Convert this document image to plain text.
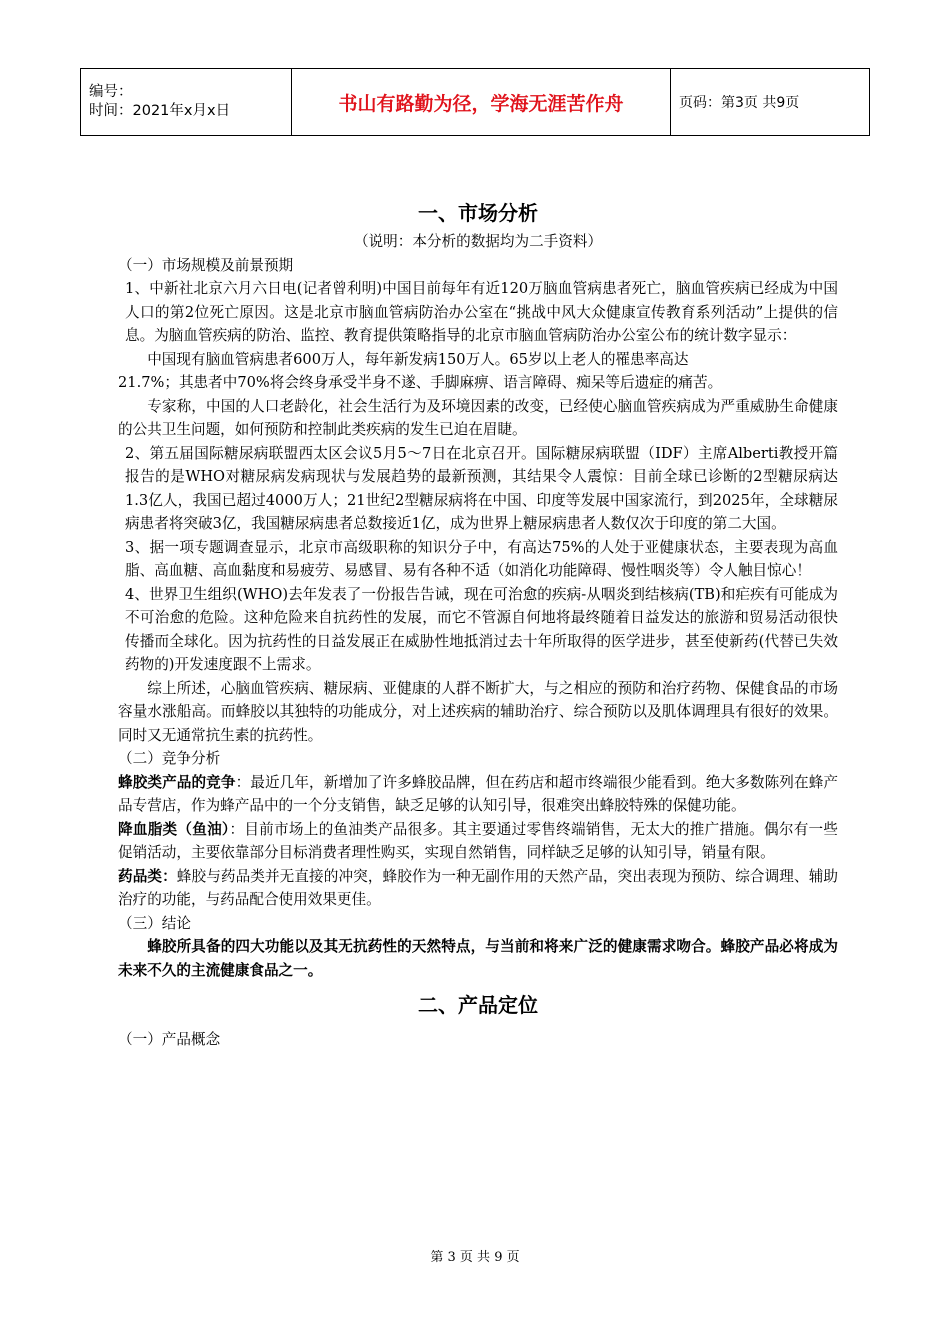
编号：
时间：2021年x月x日	书山有路勤为径，学海无涯苦作舟	页码：第3页 共9页

一、市场分析

（说明：本分析的数据均为二手资料）

（一）市场规模及前景预期

1、中新社北京六月六日电(记者曾利明)中国目前每年有近120万脑血管病患者死亡，脑血管疾病已经成为中国人口的第2位死亡原因。这是北京市脑血管病防治办公室在“挑战中风大众健康宣传教育系列活动”上提供的信息。为脑血管疾病的防治、监控、教育提供策略指导的北京市脑血管病防治办公室公布的统计数字显示：

中国现有脑血管病患者600万人，每年新发病150万人。65岁以上老人的罹患率高达

21.7%；其患者中70%将会终身承受半身不遂、手脚麻痹、语言障碍、痴呆等后遗症的痛苦。

专家称，中国的人口老龄化，社会生活行为及环境因素的改变，已经使心脑血管疾病成为严重威胁生命健康的公共卫生问题，如何预防和控制此类疾病的发生已迫在眉睫。

2、第五届国际糖尿病联盟西太区会议5月5～7日在北京召开。国际糖尿病联盟（IDF）主席Alberti教授开篇报告的是WHO对糖尿病发病现状与发展趋势的最新预测，其结果令人震惊：目前全球已诊断的2型糖尿病达1.3亿人，我国已超过4000万人；21世纪2型糖尿病将在中国、印度等发展中国家流行，到2025年，全球糖尿病患者将突破3亿，我国糖尿病患者总数接近1亿，成为世界上糖尿病患者人数仅次于印度的第二大国。

3、据一项专题调查显示，北京市高级职称的知识分子中，有高达75%的人处于亚健康状态，主要表现为高血脂、高血糖、高血黏度和易疲劳、易感冒、易有各种不适（如消化功能障碍、慢性咽炎等）令人触目惊心！

4、世界卫生组织(WHO)去年发表了一份报告告诫，现在可治愈的疾病-从咽炎到结核病(TB)和疟疾有可能成为不可治愈的危险。这种危险来自抗药性的发展，而它不管源自何地将最终随着日益发达的旅游和贸易活动很快传播而全球化。因为抗药性的日益发展正在威胁性地抵消过去十年所取得的医学进步，甚至使新药(代替已失效药物的)开发速度跟不上需求。

综上所述，心脑血管疾病、糖尿病、亚健康的人群不断扩大，与之相应的预防和治疗药物、保健食品的市场容量水涨船高。而蜂胶以其独特的功能成分，对上述疾病的辅助治疗、综合预防以及肌体调理具有很好的效果。同时又无通常抗生素的抗药性。

（二）竞争分析

蜂胶类产品的竞争：最近几年，新增加了许多蜂胶品牌，但在药店和超市终端很少能看到。绝大多数陈列在蜂产品专营店，作为蜂产品中的一个分支销售，缺乏足够的认知引导，很难突出蜂胶特殊的保健功能。

降血脂类（鱼油）：目前市场上的鱼油类产品很多。其主要通过零售终端销售，无太大的推广措施。偶尔有一些促销活动，主要依靠部分目标消费者理性购买，实现自然销售，同样缺乏足够的认知引导，销量有限。

药品类：蜂胶与药品类并无直接的冲突，蜂胶作为一种无副作用的天然产品，突出表现为预防、综合调理、辅助治疗的功能，与药品配合使用效果更佳。

（三）结论

蜂胶所具备的四大功能以及其无抗药性的天然特点，与当前和将来广泛的健康需求吻合。蜂胶产品必将成为未来不久的主流健康食品之一。

二、产品定位

（一）产品概念

第 3 页 共 9 页
